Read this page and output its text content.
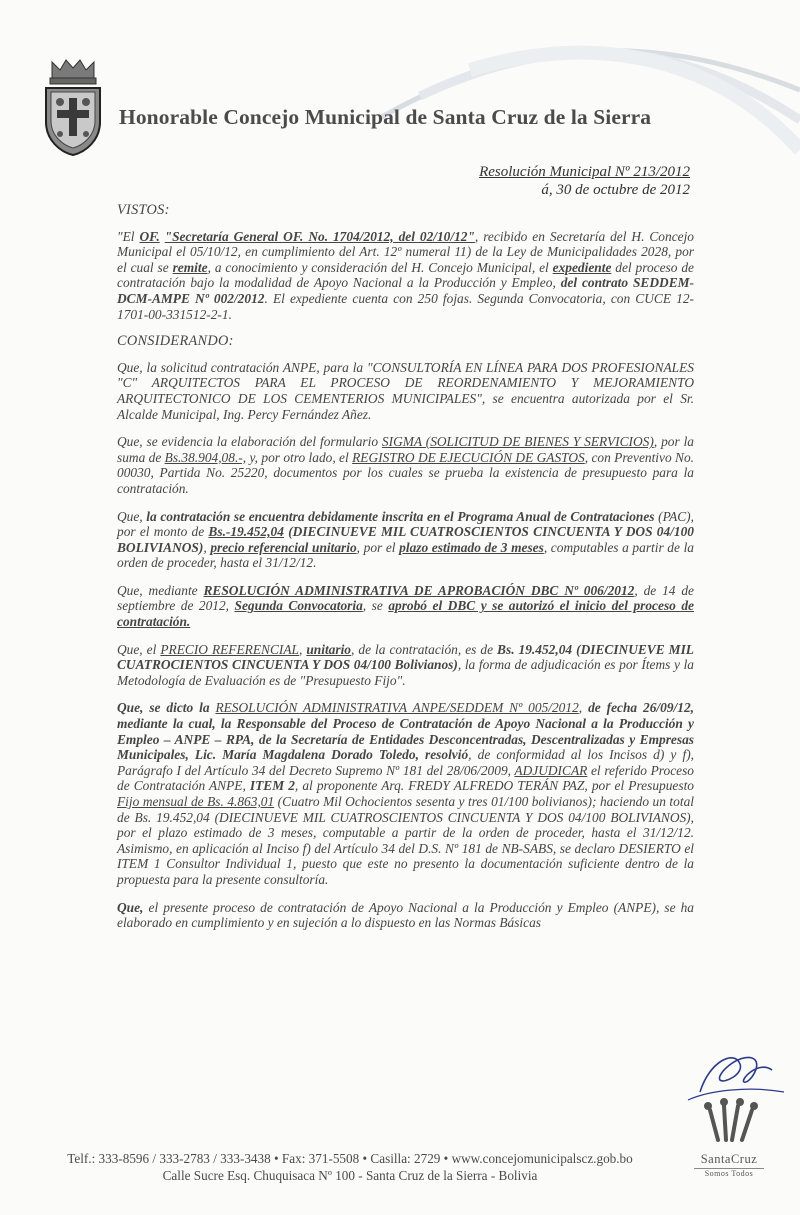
Honorable Concejo Municipal de Santa Cruz de la Sierra
Resolución Municipal Nº 213/2012
á, 30 de octubre de 2012
VISTOS:

"El OF. "Secretaría General OF. No. 1704/2012, del 02/10/12", recibido en Secretaría del H. Concejo Municipal el 05/10/12, en cumplimiento del Art. 12º numeral 11) de la Ley de Municipalidades 2028, por el cual se remite, a conocimiento y consideración del H. Concejo Municipal, el expediente del proceso de contratación bajo la modalidad de Apoyo Nacional a la Producción y Empleo, del contrato SEDDEM-DCM-AMPE Nº 002/2012. El expediente cuenta con 250 fojas. Segunda Convocatoria, con CUCE 12-1701-00-331512-2-1.

CONSIDERANDO:

Que, la solicitud contratación ANPE, para la "CONSULTORÍA EN LÍNEA PARA DOS PROFESIONALES "C" ARQUITECTOS PARA EL PROCESO DE REORDENAMIENTO Y MEJORAMIENTO ARQUITECTONICO DE LOS CEMENTERIOS MUNICIPALES", se encuentra autorizada por el Sr. Alcalde Municipal, Ing. Percy Fernández Añez.

Que, se evidencia la elaboración del formulario SIGMA (SOLICITUD DE BIENES Y SERVICIOS), por la suma de Bs.38.904,08.-, y, por otro lado, el REGISTRO DE EJECUCIÓN DE GASTOS, con Preventivo No. 00030, Partida No. 25220, documentos por los cuales se prueba la existencia de presupuesto para la contratación.

Que, la contratación se encuentra debidamente inscrita en el Programa Anual de Contrataciones (PAC), por el monto de Bs.-19.452,04 (DIECINUEVE MIL CUATROSCIENTOS CINCUENTA Y DOS 04/100 BOLIVIANOS), precio referencial unitario, por el plazo estimado de 3 meses, computables a partir de la orden de proceder, hasta el 31/12/12.

Que, mediante RESOLUCIÓN ADMINISTRATIVA DE APROBACIÓN DBC Nº 006/2012, de 14 de septiembre de 2012, Segunda Convocatoria, se aprobó el DBC y se autorizó el inicio del proceso de contratación.

Que, el PRECIO REFERENCIAL, unitario, de la contratación, es de Bs. 19.452,04 (DIECINUEVE MIL CUATROCIENTOS CINCUENTA Y DOS 04/100 Bolivianos), la forma de adjudicación es por Ítems y la Metodología de Evaluación es de "Presupuesto Fijo".

Que, se dicto la RESOLUCIÓN ADMINISTRATIVA ANPE/SEDDEM Nº 005/2012, de fecha 26/09/12, mediante la cual, la Responsable del Proceso de Contratación de Apoyo Nacional a la Producción y Empleo – ANPE – RPA, de la Secretaría de Entidades Desconcentradas, Descentralizadas y Empresas Municipales, Lic. María Magdalena Dorado Toledo, resolvió, de conformidad al los Incisos d) y f), Parágrafo I del Artículo 34 del Decreto Supremo Nº 181 del 28/06/2009, ADJUDICAR el referido Proceso de Contratación ANPE, ITEM 2, al proponente Arq. FREDY ALFREDO TERÁN PAZ, por el Presupuesto Fijo mensual de Bs. 4.863,01 (Cuatro Mil Ochocientos sesenta y tres 01/100 bolivianos); haciendo un total de Bs. 19.452,04 (DIECINUEVE MIL CUATROSCIENTOS CINCUENTA Y DOS 04/100 BOLIVIANOS), por el plazo estimado de 3 meses, computable a partir de la orden de proceder, hasta el 31/12/12. Asimismo, en aplicación al Inciso f) del Artículo 34 del D.S. Nº 181 de NB-SABS, se declaro DESIERTO el ITEM 1 Consultor Individual 1, puesto que este no presento la documentación suficiente dentro de la propuesta para la presente consultoría.

Que, el presente proceso de contratación de Apoyo Nacional a la Producción y Empleo (ANPE), se ha elaborado en cumplimiento y en sujeción a lo dispuesto en las Normas Básicas

Telf.: 333-8596 / 333-2783 / 333-3438 • Fax: 371-5508 • Casilla: 2729 • www.concejomunicipalscz.gob.bo
Calle Sucre Esq. Chuquisaca Nº 100 - Santa Cruz de la Sierra - Bolivia
SantaCruz
Somos Todos
